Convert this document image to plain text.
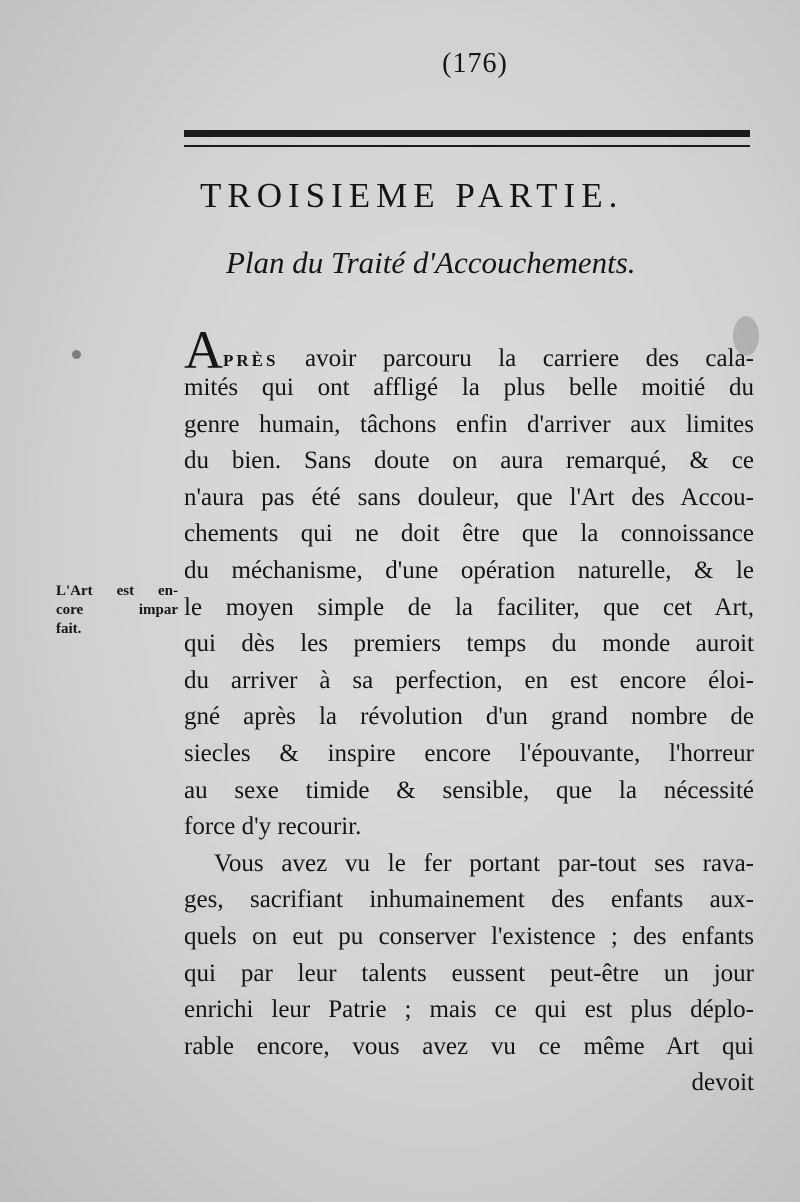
(176)
TROISIEME PARTIE.
Plan du Traité d'Accouchements.
L'Art est en-
core impar
fait.
APRÈS avoir parcouru la carriere des cala-
mités qui ont affligé la plus belle moitié du
genre humain, tâchons enfin d'arriver aux limites
du bien. Sans doute on aura remarqué, & ce
n'aura pas été sans douleur, que l'Art des Accou-
chements qui ne doit être que la connoissance
du méchanisme, d'une opération naturelle, & le
le moyen simple de la faciliter, que cet Art,
qui dès les premiers temps du monde auroit
du arriver à sa perfection, en est encore éloi-
gné après la révolution d'un grand nombre de
siecles & inspire encore l'épouvante, l'horreur
au sexe timide & sensible, que la nécessité
force d'y recourir.
Vous avez vu le fer portant par-tout ses rava-
ges, sacrifiant inhumainement des enfants aux-
quels on eut pu conserver l'existence ; des enfants
qui par leur talents eussent peut-être un jour
enrichi leur Patrie ; mais ce qui est plus déplo-
rable encore, vous avez vu ce même Art qui
devoit
